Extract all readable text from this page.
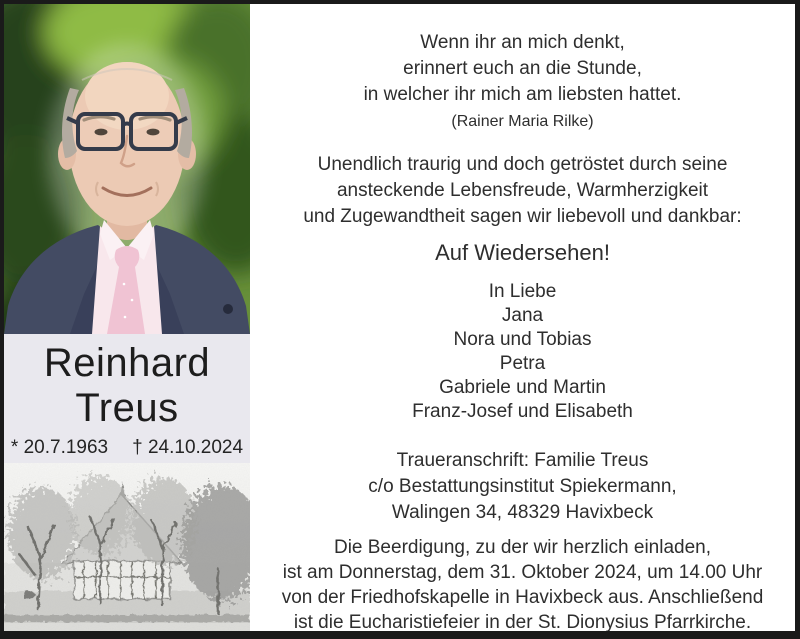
Reinhard
Treus
* 20.7.1963 † 24.10.2024
Wenn ihr an mich denkt,
erinnert euch an die Stunde,
in welcher ihr mich am liebsten hattet.
(Rainer Maria Rilke)
Unendlich traurig und doch getröstet durch seine
ansteckende Lebensfreude, Warmherzigkeit
und Zugewandtheit sagen wir liebevoll und dankbar:
Auf Wiedersehen!
In Liebe
Jana
Nora und Tobias
Petra
Gabriele und Martin
Franz-Josef und Elisabeth
Traueranschrift: Familie Treus
c/o Bestattungsinstitut Spiekermann,
Walingen 34, 48329 Havixbeck
Die Beerdigung, zu der wir herzlich einladen,
ist am Donnerstag, dem 31. Oktober 2024, um 14.00 Uhr
von der Friedhofskapelle in Havixbeck aus. Anschließend
ist die Eucharistiefeier in der St. Dionysius Pfarrkirche.
